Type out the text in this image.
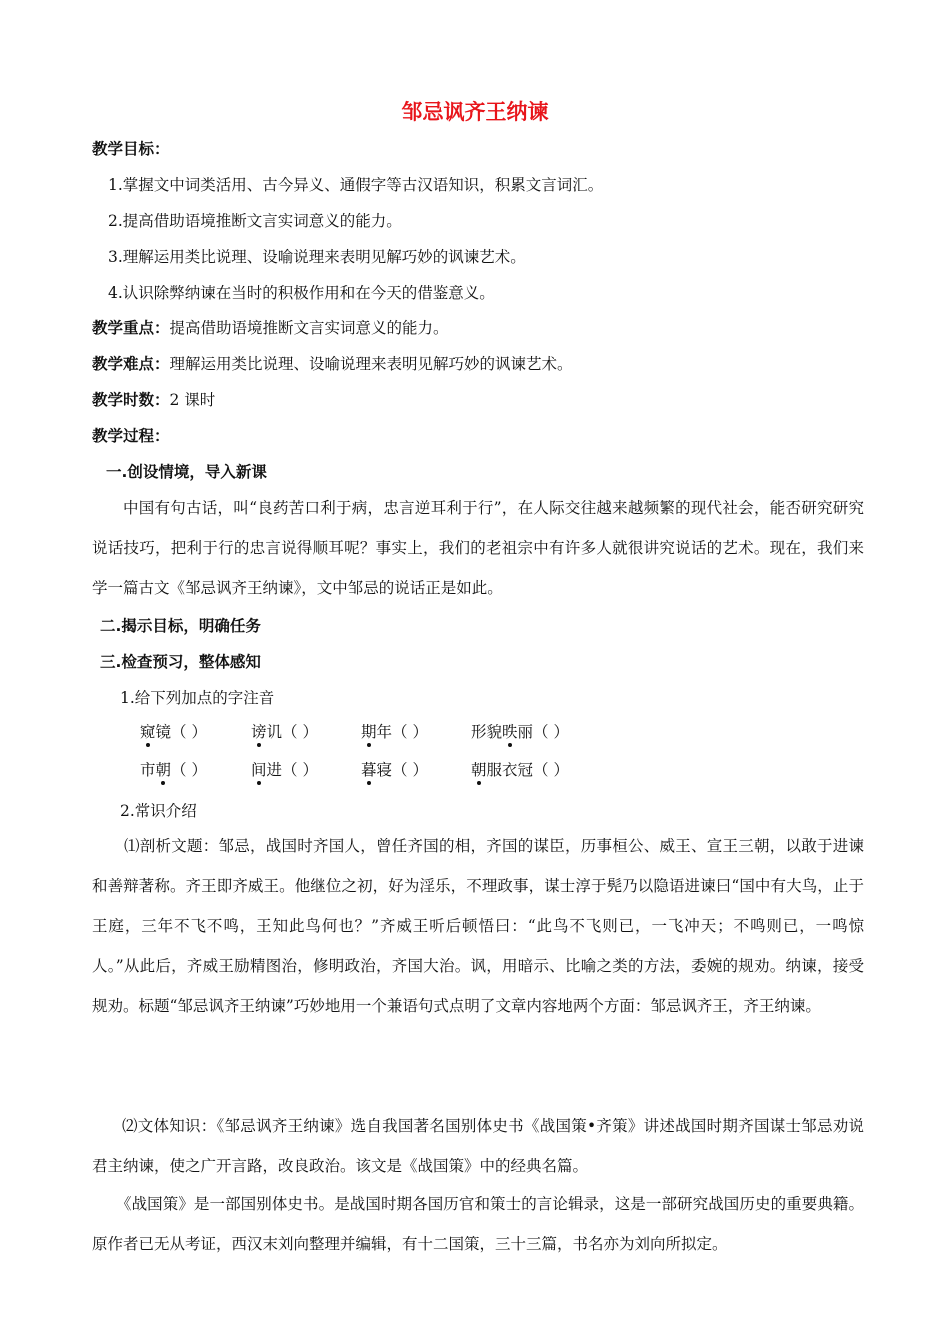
邹忌讽齐王纳谏
教学目标：
1.掌握文中词类活用、古今异义、通假字等古汉语知识，积累文言词汇。
2.提高借助语境推断文言实词意义的能力。
3.理解运用类比说理、设喻说理来表明见解巧妙的讽谏艺术。
4.认识除弊纳谏在当时的积极作用和在今天的借鉴意义。
教学重点：提高借助语境推断文言实词意义的能力。
教学难点：理解运用类比说理、设喻说理来表明见解巧妙的讽谏艺术。
教学时数：2 课时
教学过程：
一.创设情境，导入新课
中国有句古话，叫“良药苦口利于病，忠言逆耳利于行”，在人际交往越来越频繁的现代社会，能否研究研究说话技巧，把利于行的忠言说得顺耳呢？事实上，我们的老祖宗中有许多人就很讲究说话的艺术。现在，我们来学一篇古文《邹忌讽齐王纳谏》，文中邹忌的说话正是如此。
二.揭示目标，明确任务
三.检查预习，整体感知
1.给下列加点的字注音
窥镜（ ）	谤讥（ ）	期年（ ）	形貌昳丽（ ）
市朝（ ）	间进（ ）	暮寝（ ）	朝服衣冠（ ）
2.常识介绍
⑴剖析文题：邹忌，战国时齐国人，曾任齐国的相，齐国的谋臣，历事桓公、威王、宣王三朝，以敢于进谏和善辩著称。齐王即齐威王。他继位之初，好为淫乐，不理政事，谋士淳于髡乃以隐语进谏曰“国中有大鸟，止于王庭，三年不飞不鸣，王知此鸟何也？”齐威王听后顿悟曰：“此鸟不飞则已，一飞冲天；不鸣则已，一鸣惊人。”从此后，齐威王励精图治，修明政治，齐国大治。讽，用暗示、比喻之类的方法，委婉的规劝。纳谏，接受规劝。标题“邹忌讽齐王纳谏”巧妙地用一个兼语句式点明了文章内容地两个方面：邹忌讽齐王，齐王纳谏。
⑵文体知识：《邹忌讽齐王纳谏》选自我国著名国别体史书《战国策•齐策》讲述战国时期齐国谋士邹忌劝说君主纳谏，使之广开言路，改良政治。该文是《战国策》中的经典名篇。
《战国策》是一部国别体史书。是战国时期各国历官和策士的言论辑录，这是一部研究战国历史的重要典籍。原作者已无从考证，西汉末刘向整理并编辑，有十二国策，三十三篇，书名亦为刘向所拟定。
